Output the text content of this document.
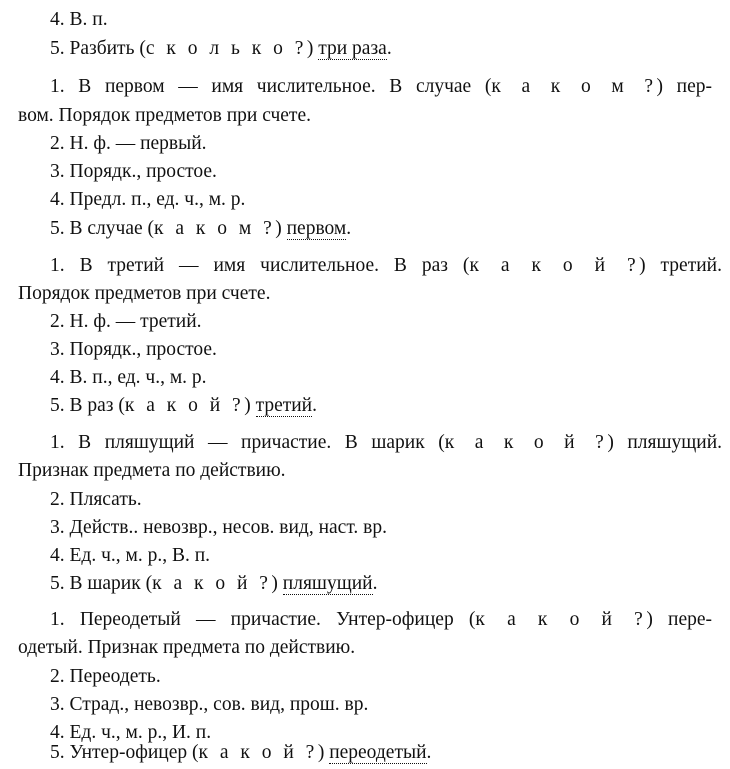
4. В. п.
5. Разбить (с к о л ь к о ?) три раза.
1. В первом — имя числительное. В случае (к а к о м ?) пер-
вом. Порядок предметов при счете.
2. Н. ф. — первый.
3. Порядк., простое.
4. Предл. п., ед. ч., м. р.
5. В случае (к а к о м ?) первом.
1. В третий — имя числительное. В раз (к а к о й ?) третий.
Порядок предметов при счете.
2. Н. ф. — третий.
3. Порядк., простое.
4. В. п., ед. ч., м. р.
5. В раз (к а к о й ?) третий.
1. В пляшущий — причастие. В шарик (к а к о й ?) пляшущий.
Признак предмета по действию.
2. Плясать.
3. Действ.. невозвр., несов. вид, наст. вр.
4. Ед. ч., м. р., В. п.
5. В шарик (к а к о й ?) пляшущий.
1. Переодетый — причастие. Унтер-офицер (к а к о й ?) пере-
одетый. Признак предмета по действию.
2. Переодеть.
3. Страд., невозвр., сов. вид, прош. вр.
4. Ед. ч., м. р., И. п.
5. Унтер-офицер (к а к о й ?) переодетый.
